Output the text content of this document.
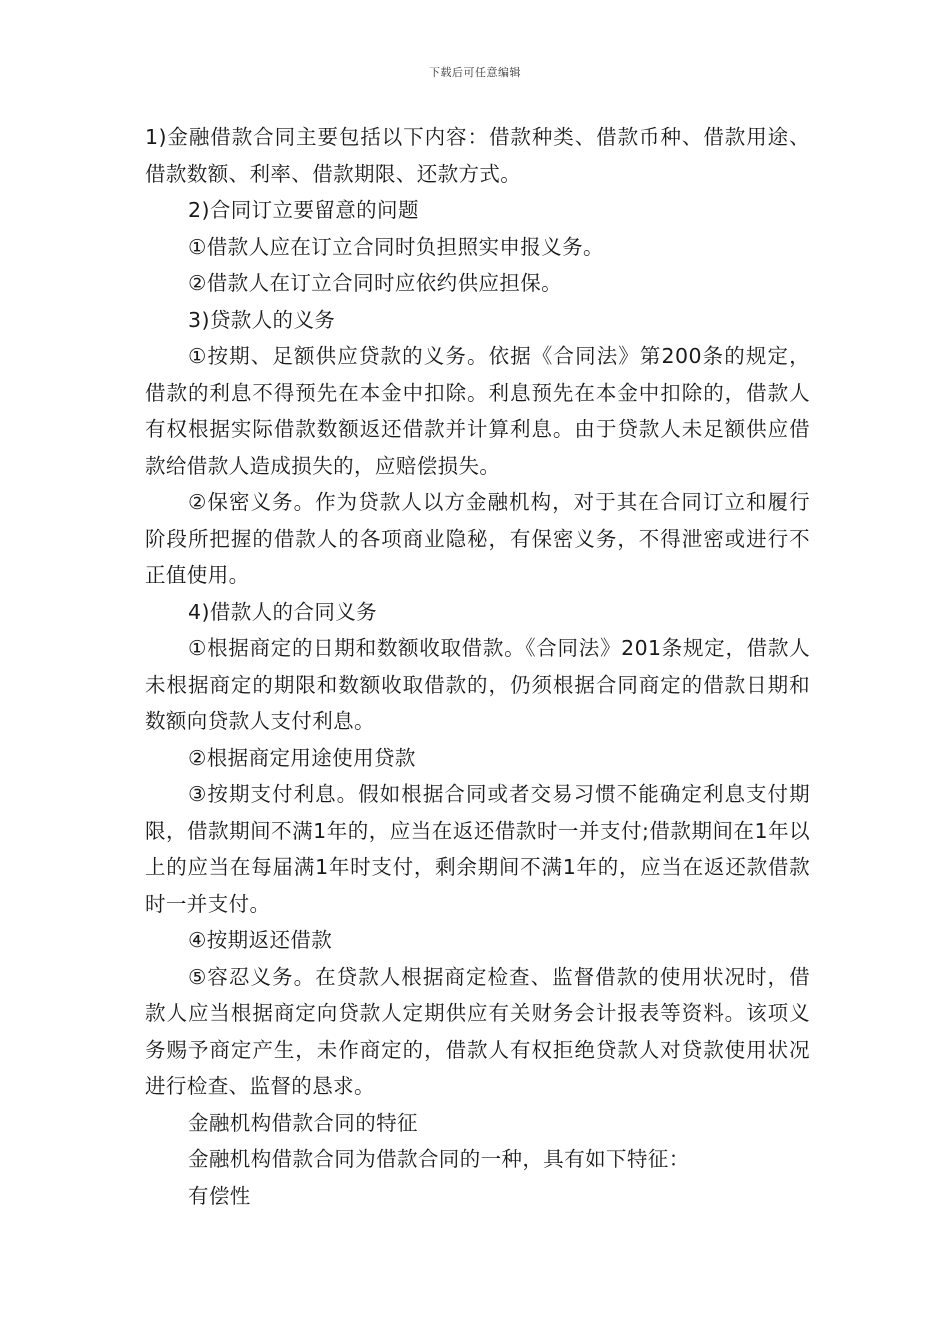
下载后可任意编辑

1)金融借款合同主要包括以下内容：借款种类、借款币种、借款用途、借款数额、利率、借款期限、还款方式。

2)合同订立要留意的问题

①借款人应在订立合同时负担照实申报义务。

②借款人在订立合同时应依约供应担保。

3)贷款人的义务

①按期、足额供应贷款的义务。依据《合同法》第200条的规定，借款的利息不得预先在本金中扣除。利息预先在本金中扣除的，借款人有权根据实际借款数额返还借款并计算利息。由于贷款人未足额供应借款给借款人造成损失的，应赔偿损失。

②保密义务。作为贷款人以方金融机构，对于其在合同订立和履行阶段所把握的借款人的各项商业隐秘，有保密义务，不得泄密或进行不正值使用。

4)借款人的合同义务

①根据商定的日期和数额收取借款。《合同法》201条规定，借款人未根据商定的期限和数额收取借款的，仍须根据合同商定的借款日期和数额向贷款人支付利息。

②根据商定用途使用贷款

③按期支付利息。假如根据合同或者交易习惯不能确定利息支付期限，借款期间不满1年的，应当在返还借款时一并支付;借款期间在1年以上的应当在每届满1年时支付，剩余期间不满1年的，应当在返还款借款时一并支付。

④按期返还借款

⑤容忍义务。在贷款人根据商定检查、监督借款的使用状况时，借款人应当根据商定向贷款人定期供应有关财务会计报表等资料。该项义务赐予商定产生，未作商定的，借款人有权拒绝贷款人对贷款使用状况进行检查、监督的恳求。

金融机构借款合同的特征

金融机构借款合同为借款合同的一种，具有如下特征：

有偿性
